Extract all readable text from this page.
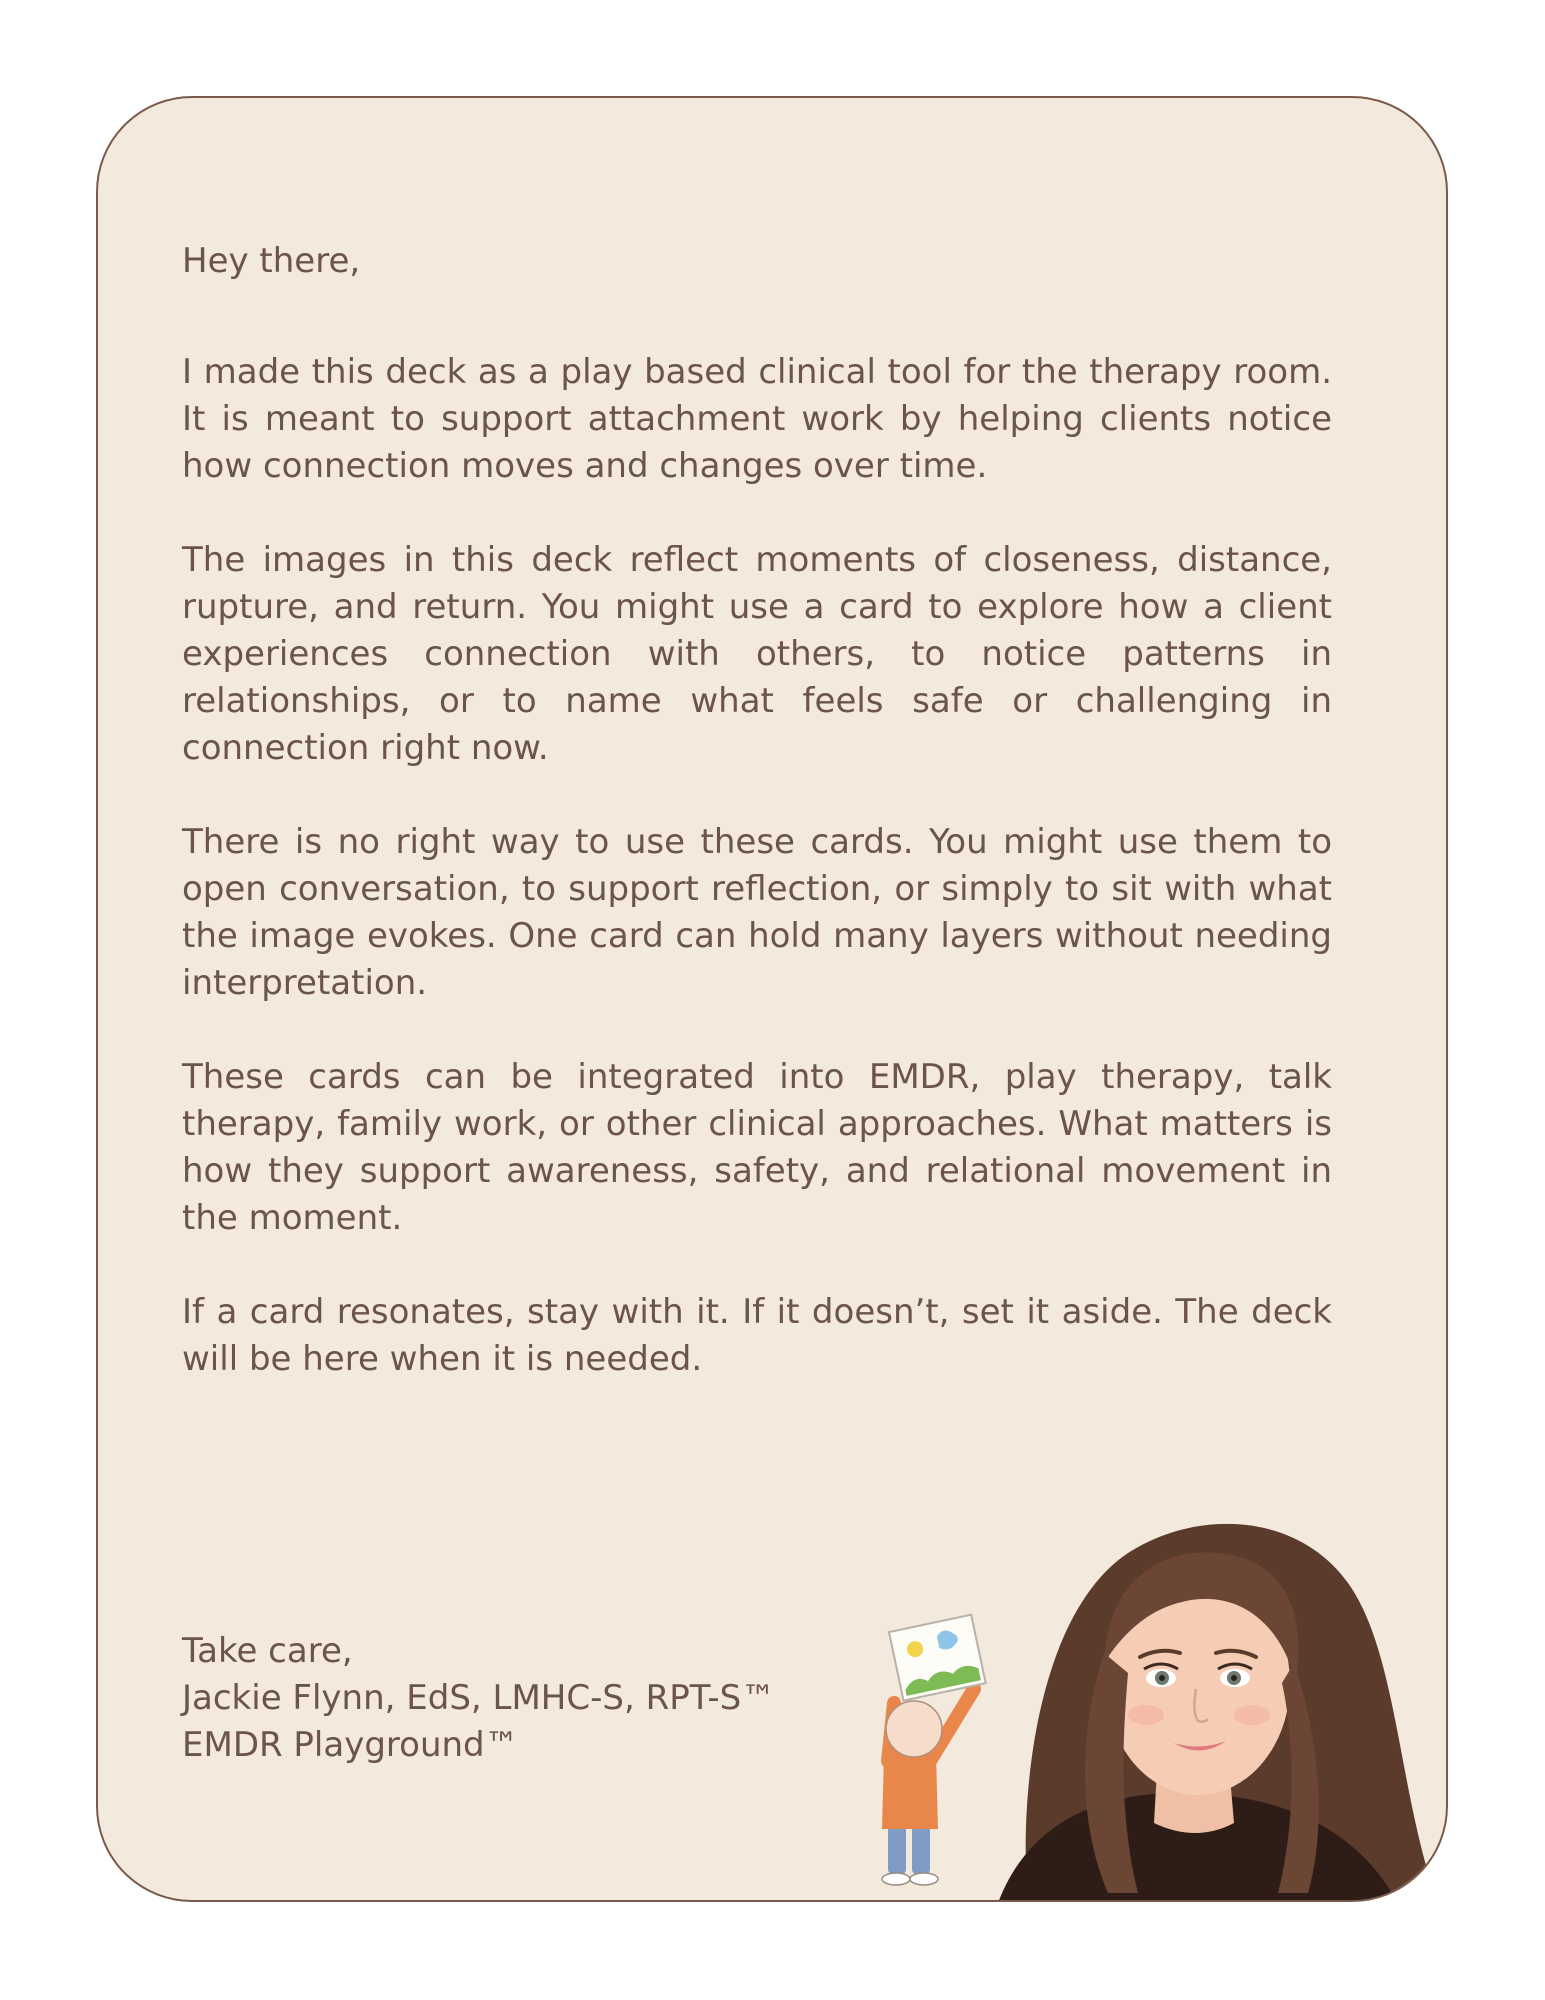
Hey there,

I made this deck as a play based clinical tool for the therapy room. It is meant to support attachment work by helping clients notice how connection moves and changes over time.

The images in this deck reflect moments of closeness, distance, rupture, and return. You might use a card to explore how a client experiences connection with others, to notice patterns in relationships, or to name what feels safe or challenging in connection right now.

There is no right way to use these cards. You might use them to open conversation, to support reflection, or simply to sit with what the image evokes. One card can hold many layers without needing interpretation.

These cards can be integrated into EMDR, play therapy, talk therapy, family work, or other clinical approaches. What matters is how they support awareness, safety, and relational movement in the moment.

If a card resonates, stay with it. If it doesn’t, set it aside. The deck will be here when it is needed.

Take care,
Jackie Flynn, EdS, LMHC-S, RPT-S™
EMDR Playground™
